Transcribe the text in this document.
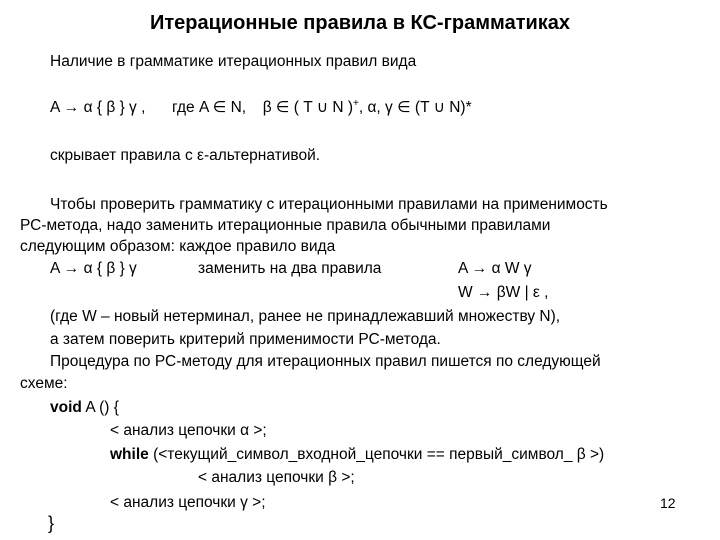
Итерационные правила в КС-грамматиках
Наличие в грамматике итерационных правил вида
A → α { β } γ , где A ∈ N, β ∈ ( T ∪ N )+, α, γ ∈ (T ∪ N)*
скрывает правила с ε-альтернативой.
Чтобы проверить грамматику с итерационными правилами на применимость
РС-метода, надо заменить итерационные правила обычными правилами
следующим образом: каждое правило вида
A → α { β } γ	заменить на два правила	A → α W γ
W → βW | ε ,
(где W – новый нетерминал, ранее не принадлежавший множеству N),
а затем поверить критерий применимости РС-метода.
Процедура по РС-методу для итерационных правил пишется по следующей
схеме:
void A () {
< анализ цепочки α >;
while (<текущий_символ_входной_цепочки == первый_символ_ β >)
< анализ цепочки β >;
< анализ цепочки γ >;
}
12
